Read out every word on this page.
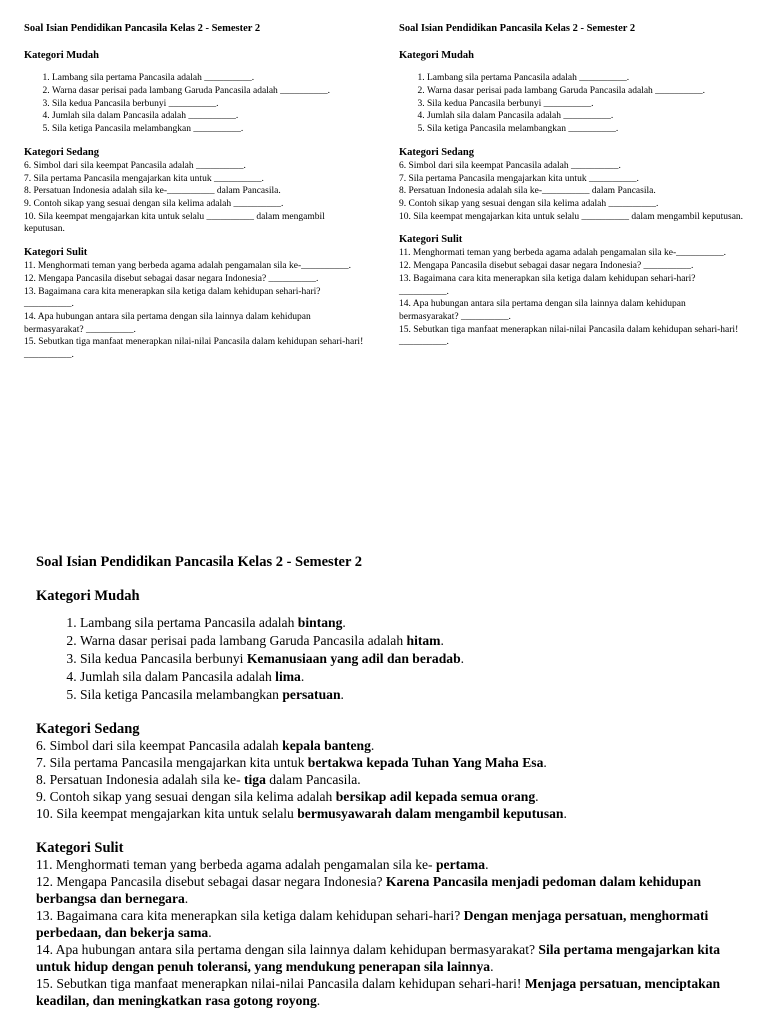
Soal Isian Pendidikan Pancasila Kelas 2 - Semester 2
Kategori Mudah
1. Lambang sila pertama Pancasila adalah __________.
2. Warna dasar perisai pada lambang Garuda Pancasila adalah __________.
3. Sila kedua Pancasila berbunyi __________.
4. Jumlah sila dalam Pancasila adalah __________.
5. Sila ketiga Pancasila melambangkan __________.
Kategori Sedang
6. Simbol dari sila keempat Pancasila adalah __________.
7. Sila pertama Pancasila mengajarkan kita untuk __________.
8. Persatuan Indonesia adalah sila ke-__________ dalam Pancasila.
9. Contoh sikap yang sesuai dengan sila kelima adalah __________.
10. Sila keempat mengajarkan kita untuk selalu __________ dalam mengambil keputusan.
Kategori Sulit
11. Menghormati teman yang berbeda agama adalah pengamalan sila ke-__________.
12. Mengapa Pancasila disebut sebagai dasar negara Indonesia? __________.
13. Bagaimana cara kita menerapkan sila ketiga dalam kehidupan sehari-hari? __________.
14. Apa hubungan antara sila pertama dengan sila lainnya dalam kehidupan bermasyarakat? __________.
15. Sebutkan tiga manfaat menerapkan nilai-nilai Pancasila dalam kehidupan sehari-hari! __________.
Soal Isian Pendidikan Pancasila Kelas 2 - Semester 2
Kategori Mudah
1. Lambang sila pertama Pancasila adalah __________.
2. Warna dasar perisai pada lambang Garuda Pancasila adalah __________.
3. Sila kedua Pancasila berbunyi __________.
4. Jumlah sila dalam Pancasila adalah __________.
5. Sila ketiga Pancasila melambangkan __________.
Kategori Sedang
6. Simbol dari sila keempat Pancasila adalah __________.
7. Sila pertama Pancasila mengajarkan kita untuk __________.
8. Persatuan Indonesia adalah sila ke-__________ dalam Pancasila.
9. Contoh sikap yang sesuai dengan sila kelima adalah __________.
10. Sila keempat mengajarkan kita untuk selalu __________ dalam mengambil keputusan.
Kategori Sulit
11. Menghormati teman yang berbeda agama adalah pengamalan sila ke-__________.
12. Mengapa Pancasila disebut sebagai dasar negara Indonesia? __________.
13. Bagaimana cara kita menerapkan sila ketiga dalam kehidupan sehari-hari? __________.
14. Apa hubungan antara sila pertama dengan sila lainnya dalam kehidupan bermasyarakat? __________.
15. Sebutkan tiga manfaat menerapkan nilai-nilai Pancasila dalam kehidupan sehari-hari! __________.
Soal Isian Pendidikan Pancasila Kelas 2 - Semester 2
Kategori Mudah
1. Lambang sila pertama Pancasila adalah bintang.
2. Warna dasar perisai pada lambang Garuda Pancasila adalah hitam.
3. Sila kedua Pancasila berbunyi Kemanusiaan yang adil dan beradab.
4. Jumlah sila dalam Pancasila adalah lima.
5. Sila ketiga Pancasila melambangkan persatuan.
Kategori Sedang
6. Simbol dari sila keempat Pancasila adalah kepala banteng.
7. Sila pertama Pancasila mengajarkan kita untuk bertakwa kepada Tuhan Yang Maha Esa.
8. Persatuan Indonesia adalah sila ke- tiga dalam Pancasila.
9. Contoh sikap yang sesuai dengan sila kelima adalah bersikap adil kepada semua orang.
10. Sila keempat mengajarkan kita untuk selalu bermusyawarah dalam mengambil keputusan.
Kategori Sulit
11. Menghormati teman yang berbeda agama adalah pengamalan sila ke- pertama.
12. Mengapa Pancasila disebut sebagai dasar negara Indonesia? Karena Pancasila menjadi pedoman dalam kehidupan berbangsa dan bernegara.
13. Bagaimana cara kita menerapkan sila ketiga dalam kehidupan sehari-hari? Dengan menjaga persatuan, menghormati perbedaan, dan bekerja sama.
14. Apa hubungan antara sila pertama dengan sila lainnya dalam kehidupan bermasyarakat? Sila pertama mengajarkan kita untuk hidup dengan penuh toleransi, yang mendukung penerapan sila lainnya.
15. Sebutkan tiga manfaat menerapkan nilai-nilai Pancasila dalam kehidupan sehari-hari! Menjaga persatuan, menciptakan keadilan, dan meningkatkan rasa gotong royong.
